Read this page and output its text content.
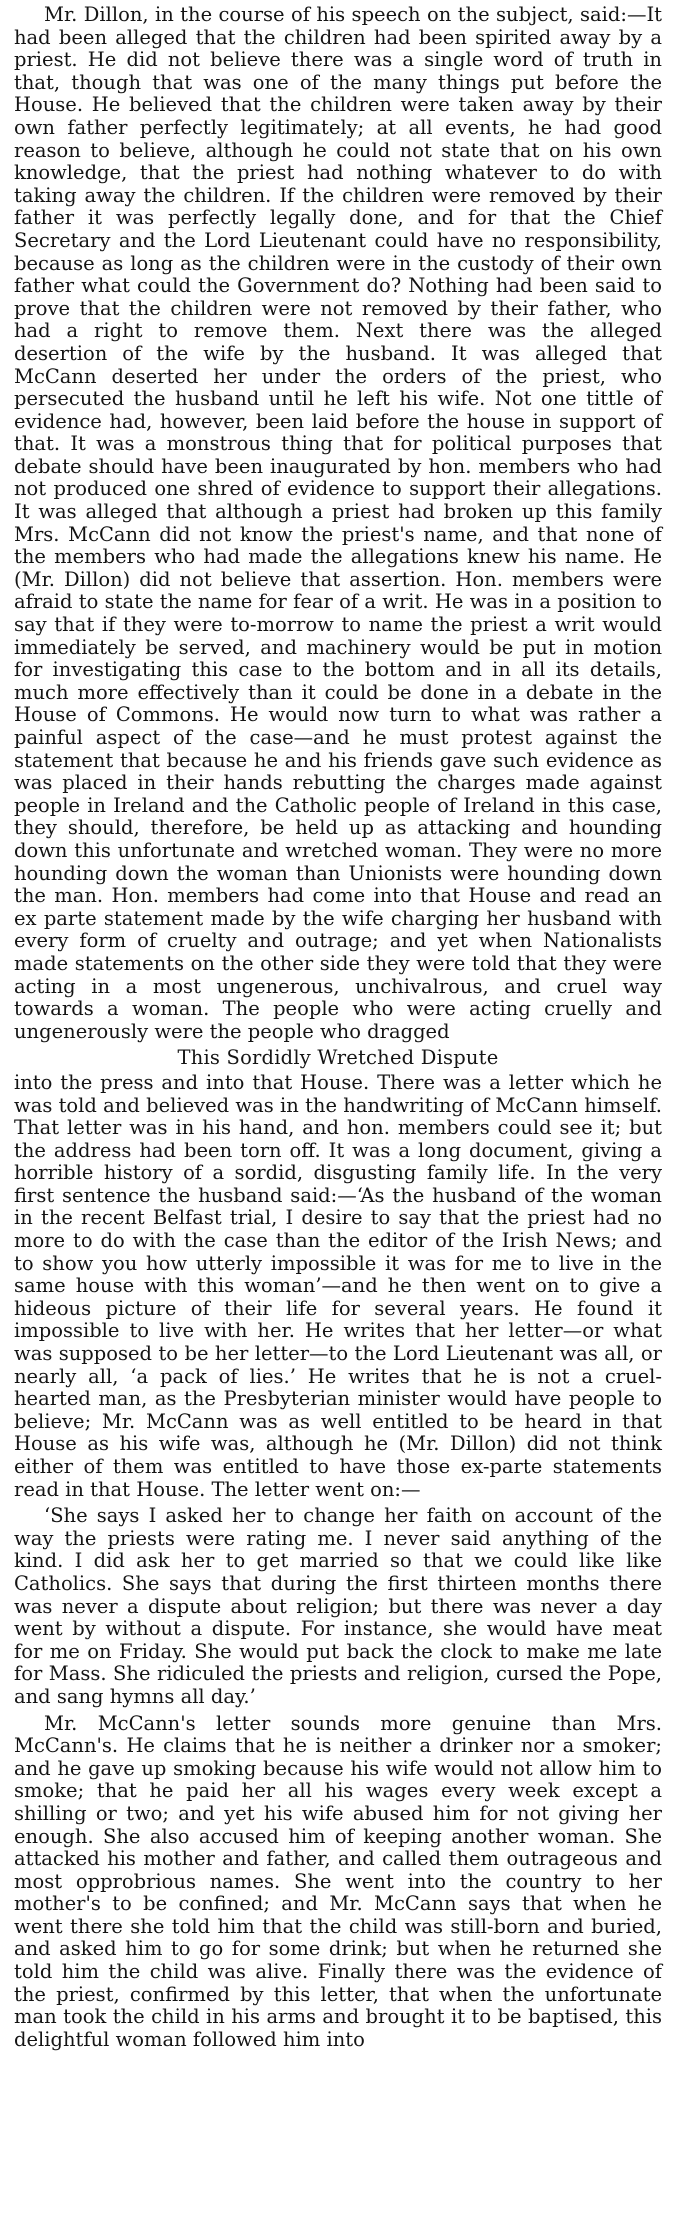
Mr. Dillon, in the course of his speech on the subject, said:—It had been alleged that the children had been spirited away by a priest. He did not believe there was a single word of truth in that, though that was one of the many things put before the House. He believed that the children were taken away by their own father perfectly legitimately; at all events, he had good reason to believe, although he could not state that on his own knowledge, that the priest had nothing whatever to do with taking away the children. If the children were removed by their father it was perfectly legally done, and for that the Chief Secretary and the Lord Lieutenant could have no responsibility, because as long as the children were in the custody of their own father what could the Government do? Nothing had been said to prove that the children were not removed by their father, who had a right to remove them. Next there was the alleged desertion of the wife by the husband. It was alleged that McCann deserted her under the orders of the priest, who persecuted the husband until he left his wife. Not one tittle of evidence had, however, been laid before the house in support of that. It was a monstrous thing that for political purposes that debate should have been inaugurated by hon. members who had not produced one shred of evidence to support their allegations. It was alleged that although a priest had broken up this family Mrs. McCann did not know the priest's name, and that none of the members who had made the allegations knew his name. He (Mr. Dillon) did not believe that assertion. Hon. members were afraid to state the name for fear of a writ. He was in a position to say that if they were to-morrow to name the priest a writ would immediately be served, and machinery would be put in motion for investigating this case to the bottom and in all its details, much more effectively than it could be done in a debate in the House of Commons. He would now turn to what was rather a painful aspect of the case—and he must protest against the statement that because he and his friends gave such evidence as was placed in their hands rebutting the charges made against people in Ireland and the Catholic people of Ireland in this case, they should, therefore, be held up as attacking and hounding down this unfortunate and wretched woman. They were no more hounding down the woman than Unionists were hounding down the man. Hon. members had come into that House and read an ex parte statement made by the wife charging her husband with every form of cruelty and outrage; and yet when Nationalists made statements on the other side they were told that they were acting in a most ungenerous, unchivalrous, and cruel way towards a woman. The people who were acting cruelly and ungenerously were the people who dragged

This Sordidly Wretched Dispute

into the press and into that House. There was a letter which he was told and believed was in the handwriting of McCann himself. That letter was in his hand, and hon. members could see it; but the address had been torn off. It was a long document, giving a horrible history of a sordid, disgusting family life. In the very first sentence the husband said:—‘As the husband of the woman in the recent Belfast trial, I desire to say that the priest had no more to do with the case than the editor of the Irish News; and to show you how utterly impossible it was for me to live in the same house with this woman’—and he then went on to give a hideous picture of their life for several years. He found it impossible to live with her. He writes that her letter—or what was supposed to be her letter—to the Lord Lieutenant was all, or nearly all, ‘a pack of lies.’ He writes that he is not a cruel-hearted man, as the Presbyterian minister would have people to believe; Mr. McCann was as well entitled to be heard in that House as his wife was, although he (Mr. Dillon) did not think either of them was entitled to have those ex-parte statements read in that House. The letter went on:—

‘She says I asked her to change her faith on account of the way the priests were rating me. I never said anything of the kind. I did ask her to get married so that we could like like Catholics. She says that during the first thirteen months there was never a dispute about religion; but there was never a day went by without a dispute. For instance, she would have meat for me on Friday. She would put back the clock to make me late for Mass. She ridiculed the priests and religion, cursed the Pope, and sang hymns all day.’

Mr. McCann's letter sounds more genuine than Mrs. McCann's. He claims that he is neither a drinker nor a smoker; and he gave up smoking because his wife would not allow him to smoke; that he paid her all his wages every week except a shilling or two; and yet his wife abused him for not giving her enough. She also accused him of keeping another woman. She attacked his mother and father, and called them outrageous and most opprobrious names. She went into the country to her mother's to be confined; and Mr. McCann says that when he went there she told him that the child was still-born and buried, and asked him to go for some drink; but when he returned she told him the child was alive. Finally there was the evidence of the priest, confirmed by this letter, that when the unfortunate man took the child in his arms and brought it to be baptised, this delightful woman followed him into
